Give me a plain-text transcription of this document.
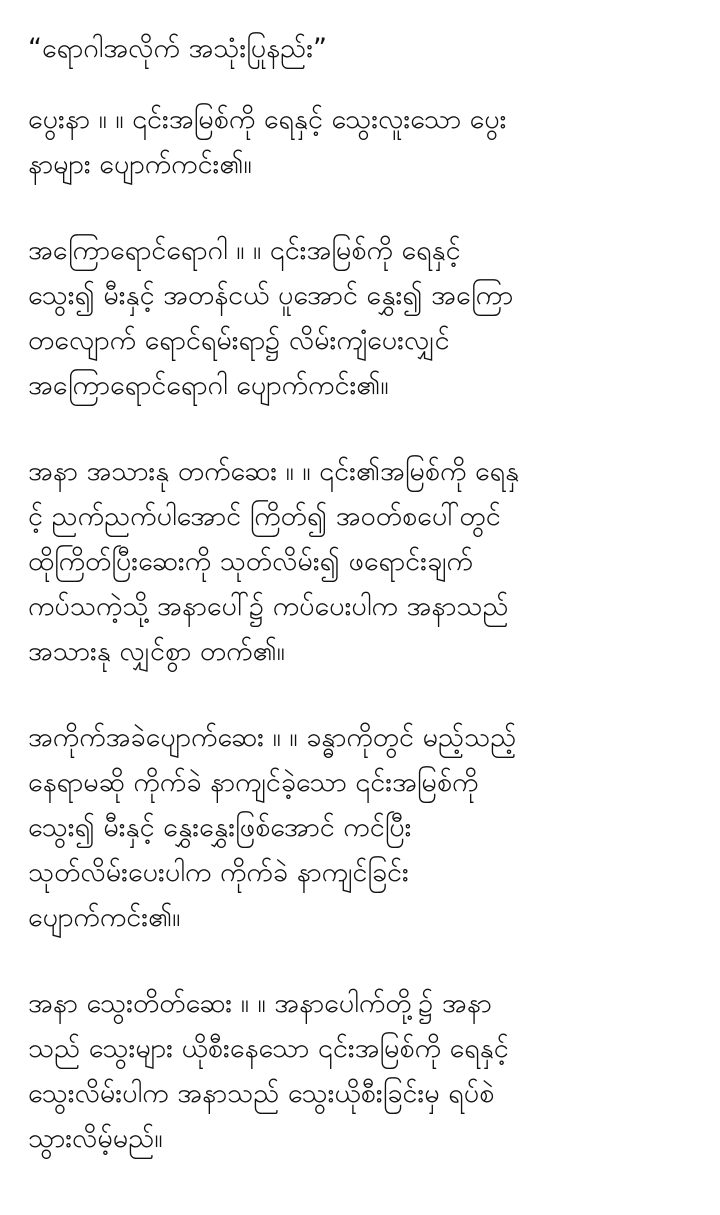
“ရောဂါအလိုက် အသုံးပြုနည်း”
ပွေးနာ ။ ။ ၎င်းအမြစ်ကို ရေနှင့် သွေးလူးသော ပွေး
နာများ ပျောက်ကင်း၏။
အကြောရောင်ရောဂါ ။ ။ ၎င်းအမြစ်ကို ရေနှင့်
သွေး၍ မီးနှင့် အတန်ငယ် ပူအောင် နွှေး၍ အကြော
တလျောက် ရောင်ရမ်းရာ၌ လိမ်းကျံပေးလျှင်
အကြောရောင်ရောဂါ ပျောက်ကင်း၏။
အနာ အသားနု တက်ဆေး ။ ။ ၎င်း၏အမြစ်ကို ရေနှ
င့် ညက်ညက်ပါအောင် ကြိတ်၍ အဝတ်စပေါ်တွင်
ထိုကြိတ်ပြီးဆေးကို သုတ်လိမ်း၍ ဖရောင်းချက်
ကပ်သကဲ့သို့ အနာပေါ်၌ ကပ်ပေးပါက အနာသည်
အသားနု လျှင်စွာ တက်၏။
အကိုက်အခဲပျောက်ဆေး ။ ။ ခန္ဓာကိုတွင် မည့်သည့်
နေရာမဆို ကိုက်ခဲ နာကျင်ခဲ့သော ၎င်းအမြစ်ကို
သွေး၍ မီးနှင့် နွှေးနွှေးဖြစ်အောင် ကင်ပြီး
သုတ်လိမ်းပေးပါက ကိုက်ခဲ နာကျင်ခြင်း
ပျောက်ကင်း၏။
အနာ သွေးတိတ်ဆေး ။ ။ အနာပေါက်တို့၌ အနာ
သည် သွေးများ ယိုစီးနေသော ၎င်းအမြစ်ကို ရေနှင့်
သွေးလိမ်းပါက အနာသည် သွေးယိုစီးခြင်းမှ ရပ်စဲ
သွားလိမ့်မည်။
